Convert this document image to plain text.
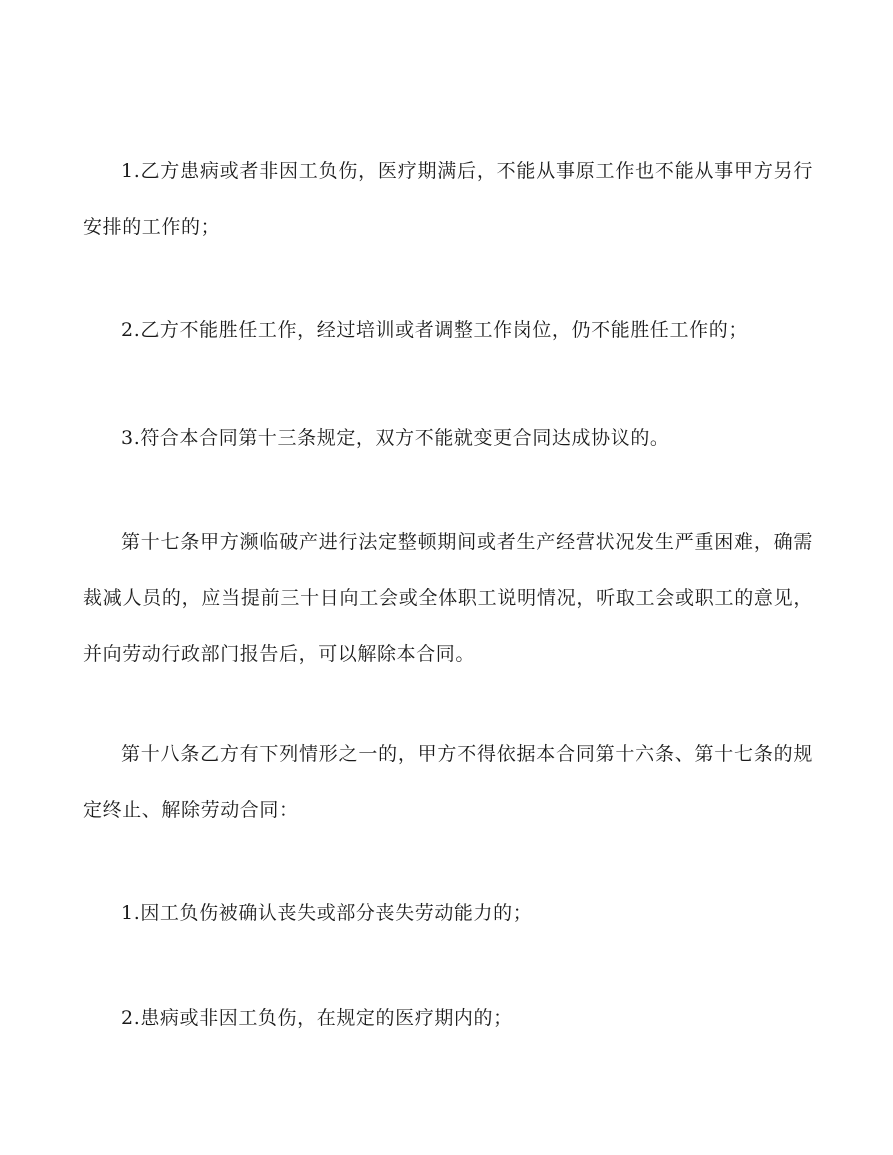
1.乙方患病或者非因工负伤，医疗期满后，不能从事原工作也不能从事甲方另行安排的工作的；

2.乙方不能胜任工作，经过培训或者调整工作岗位，仍不能胜任工作的；

3.符合本合同第十三条规定，双方不能就变更合同达成协议的。

第十七条甲方濒临破产进行法定整顿期间或者生产经营状况发生严重困难，确需裁减人员的，应当提前三十日向工会或全体职工说明情况，听取工会或职工的意见，并向劳动行政部门报告后，可以解除本合同。

第十八条乙方有下列情形之一的，甲方不得依据本合同第十六条、第十七条的规定终止、解除劳动合同：

1.因工负伤被确认丧失或部分丧失劳动能力的；

2.患病或非因工负伤，在规定的医疗期内的；
